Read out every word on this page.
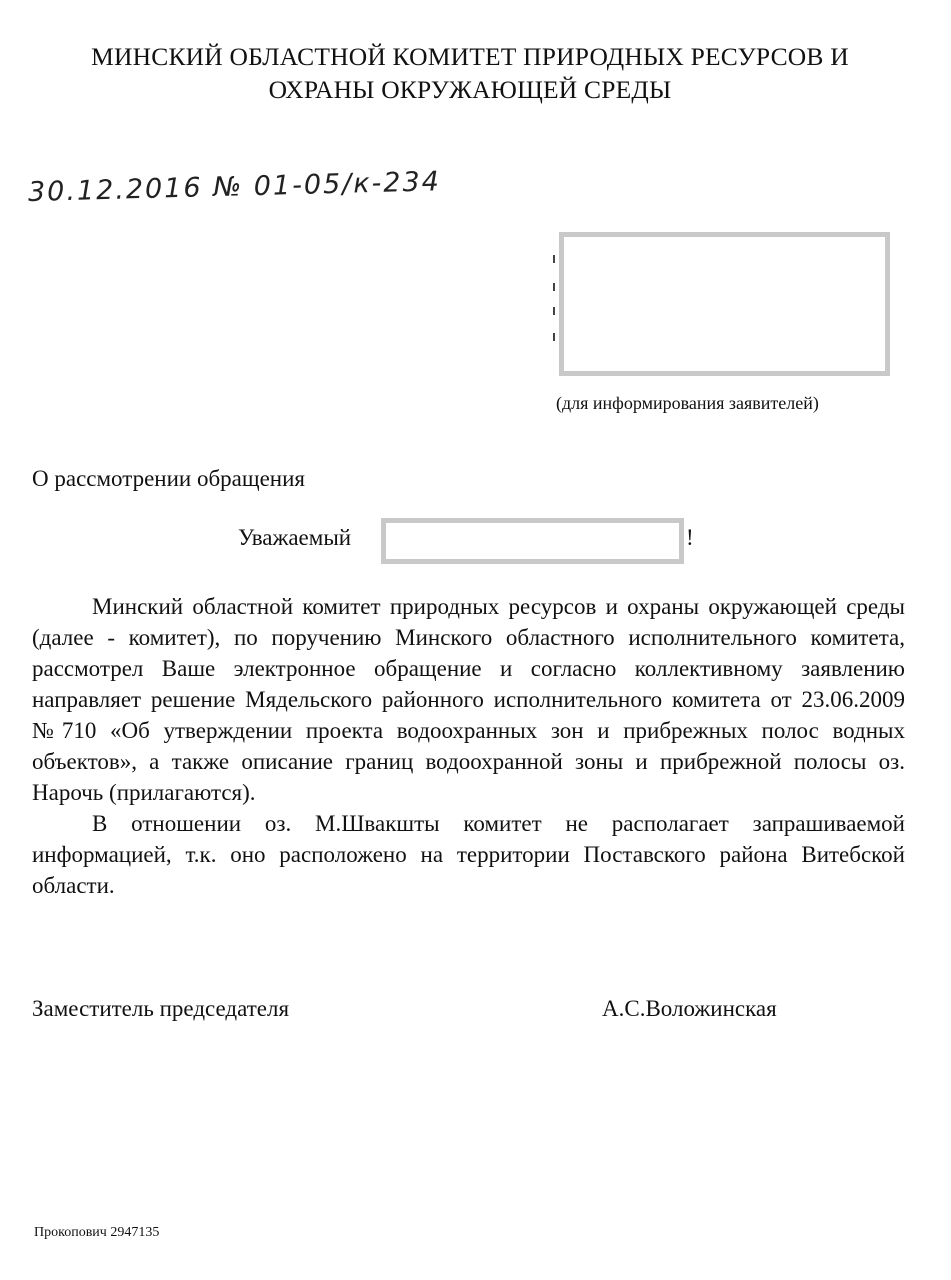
МИНСКИЙ ОБЛАСТНОЙ КОМИТЕТ ПРИРОДНЫХ РЕСУРСОВ И
ОХРАНЫ ОКРУЖАЮЩЕЙ СРЕДЫ
30.12.2016 № 01-05/к-234
(для информирования заявителей)
О рассмотрении обращения
Уважаемый	!

Минский областной комитет природных ресурсов и охраны окружающей среды (далее - комитет), по поручению Минского областного исполнительного комитета, рассмотрел Ваше электронное обращение и согласно коллективному заявлению направляет решение Мядельского районного исполнительного комитета от 23.06.2009 №710 «Об утверждении проекта водоохранных зон и прибрежных полос водных объектов», а также описание границ водоохранной зоны и прибрежной полосы оз. Нарочь (прилагаются).

В отношении оз. М.Швакшты комитет не располагает запрашиваемой информацией, т.к. оно расположено на территории Поставского района Витебской области.

Заместитель председателя	А.С.Воложинская
Прокопович 2947135
